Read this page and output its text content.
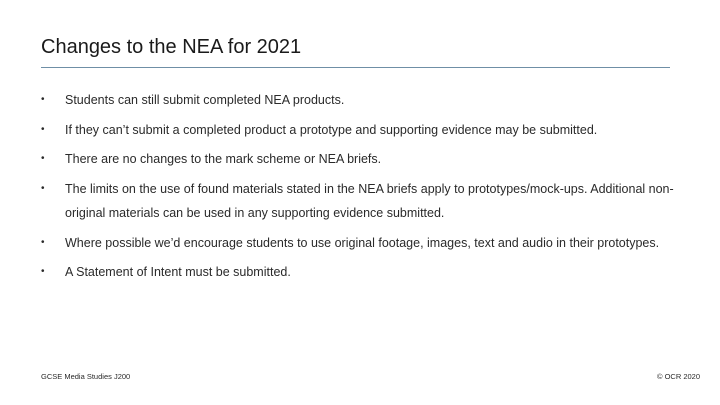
Changes to the NEA for 2021
• Students can still submit completed NEA products.
• If they can’t submit a completed product a prototype and supporting evidence may be submitted.
• There are no changes to the mark scheme or NEA briefs.
• The limits on the use of found materials stated in the NEA briefs apply to prototypes/mock-ups. Additional non-original materials can be used in any supporting evidence submitted.
• Where possible we’d encourage students to use original footage, images, text and audio in their prototypes.
• A Statement of Intent must be submitted.
GCSE Media Studies J200	© OCR 2020
